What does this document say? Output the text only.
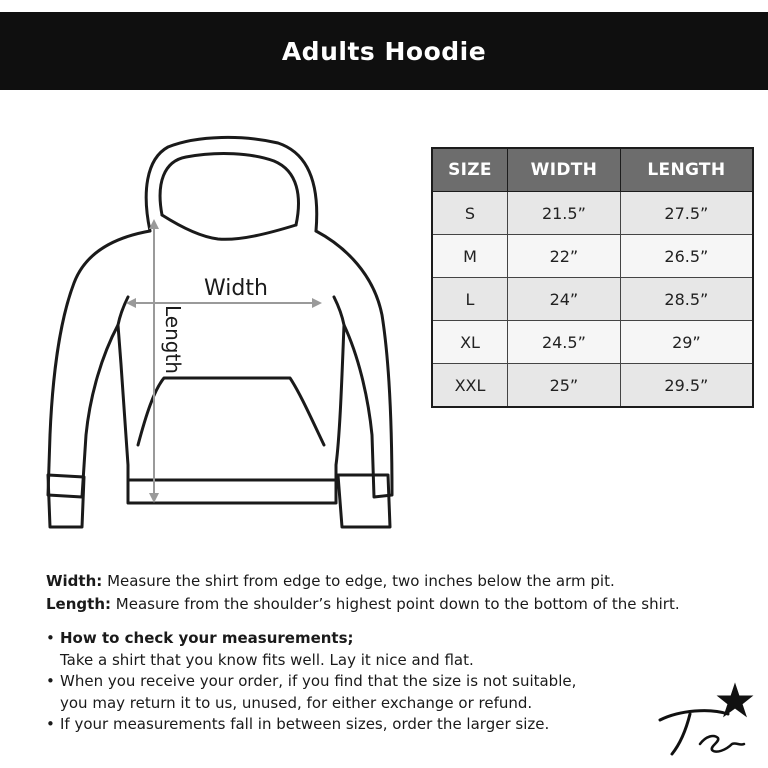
Adults Hoodie
Width
Length
SIZE	WIDTH	LENGTH
S	21.5”	27.5”
M	22”	26.5”
L	24”	28.5”
XL	24.5”	29”
XXL	25”	29.5”
Width: Measure the shirt from edge to edge, two inches below the arm pit.
Length: Measure from the shoulder’s highest point down to the bottom of the shirt.
• How to check your measurements;
Take a shirt that you know fits well. Lay it nice and flat.
• When you receive your order, if you find that the size is not suitable,
you may return it to us, unused, for either exchange or refund.
• If your measurements fall in between sizes, order the larger size.
